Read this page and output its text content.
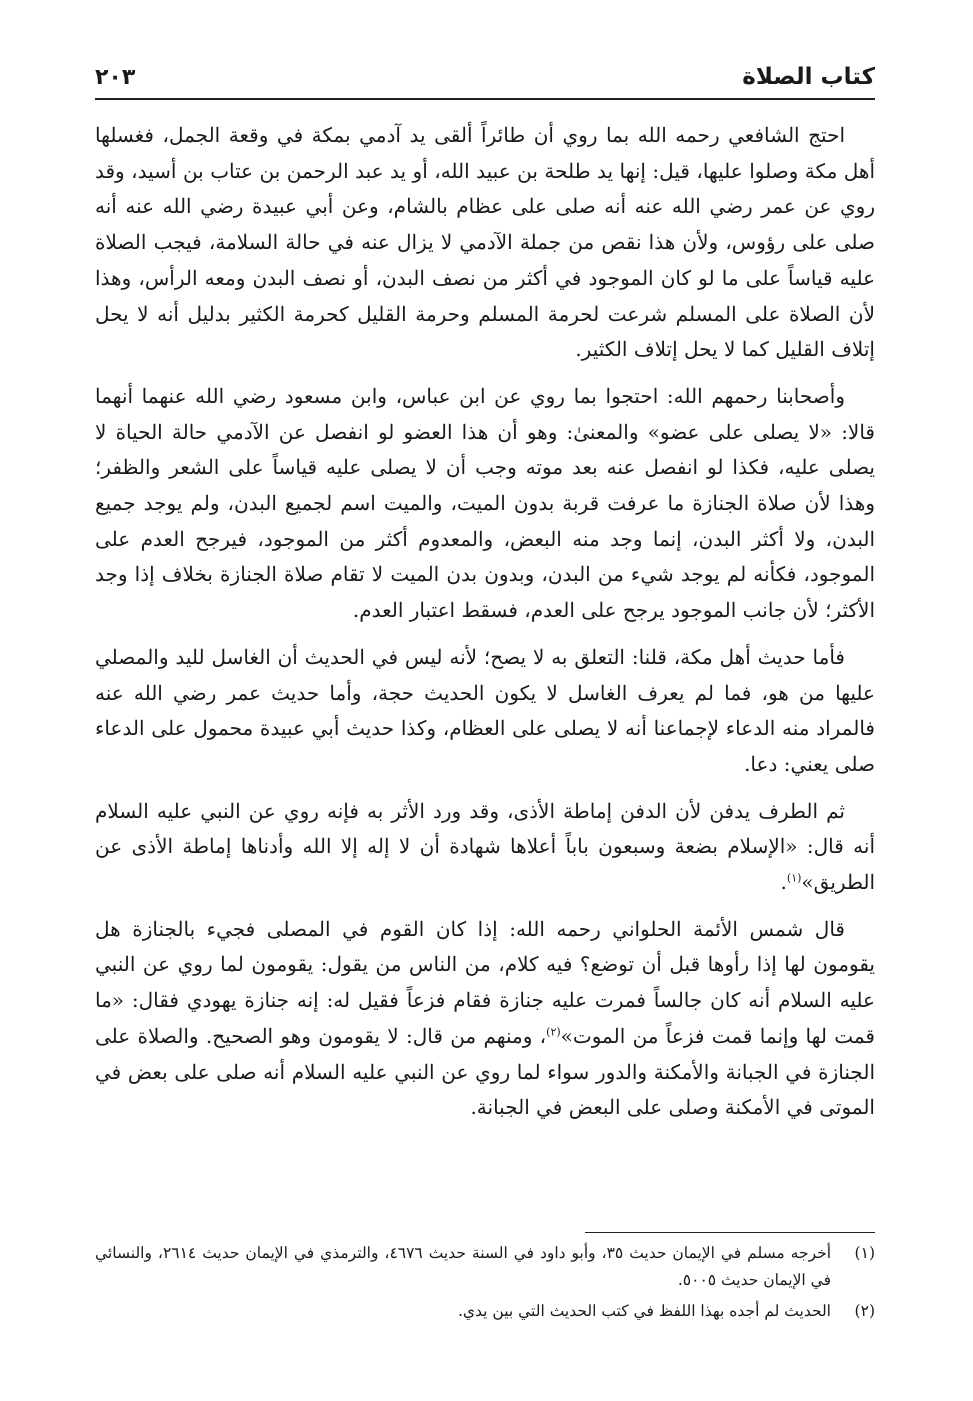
كتاب الصلاة
٢٠٣

احتج الشافعي رحمه الله بما روي أن طائراً ألقى يد آدمي بمكة في وقعة الجمل، فغسلها أهل مكة وصلوا عليها، قيل: إنها يد طلحة بن عبيد الله، أو يد عبد الرحمن بن عتاب بن أسيد، وقد روي عن عمر رضي الله عنه أنه صلى على عظام بالشام، وعن أبي عبيدة رضي الله عنه أنه صلى على رؤوس، ولأن هذا نقص من جملة الآدمي لا يزال عنه في حالة السلامة، فيجب الصلاة عليه قياساً على ما لو كان الموجود في أكثر من نصف البدن، أو نصف البدن ومعه الرأس، وهذا لأن الصلاة على المسلم شرعت لحرمة المسلم وحرمة القليل كحرمة الكثير بدليل أنه لا يحل إتلاف القليل كما لا يحل إتلاف الكثير.

وأصحابنا رحمهم الله: احتجوا بما روي عن ابن عباس، وابن مسعود رضي الله عنهما أنهما قالا: «لا يصلى على عضو» والمعنىٰ: وهو أن هذا العضو لو انفصل عن الآدمي حالة الحياة لا يصلى عليه، فكذا لو انفصل عنه بعد موته وجب أن لا يصلى عليه قياساً على الشعر والظفر؛ وهذا لأن صلاة الجنازة ما عرفت قربة بدون الميت، والميت اسم لجميع البدن، ولم يوجد جميع البدن، ولا أكثر البدن، إنما وجد منه البعض، والمعدوم أكثر من الموجود، فيرجح العدم على الموجود، فكأنه لم يوجد شيء من البدن، وبدون بدن الميت لا تقام صلاة الجنازة بخلاف إذا وجد الأكثر؛ لأن جانب الموجود يرجح على العدم، فسقط اعتبار العدم.

فأما حديث أهل مكة، قلنا: التعلق به لا يصح؛ لأنه ليس في الحديث أن الغاسل لليد والمصلي عليها من هو، فما لم يعرف الغاسل لا يكون الحديث حجة، وأما حديث عمر رضي الله عنه فالمراد منه الدعاء لإجماعنا أنه لا يصلى على العظام، وكذا حديث أبي عبيدة محمول على الدعاء صلى يعني: دعا.

ثم الطرف يدفن لأن الدفن إماطة الأذى، وقد ورد الأثر به فإنه روي عن النبي عليه السلام أنه قال: «الإسلام بضعة وسبعون باباً أعلاها شهادة أن لا إله إلا الله وأدناها إماطة الأذى عن الطريق»$^{(١)}$.

قال شمس الأئمة الحلواني رحمه الله: إذا كان القوم في المصلى فجيء بالجنازة هل يقومون لها إذا رأوها قبل أن توضع؟ فيه كلام، من الناس من يقول: يقومون لما روي عن النبي عليه السلام أنه كان جالساً فمرت عليه جنازة فقام فزعاً فقيل له: إنه جنازة يهودي فقال: «ما قمت لها وإنما قمت فزعاً من الموت»$^{(٢)}$، ومنهم من قال: لا يقومون وهو الصحيح. والصلاة على الجنازة في الجبانة والأمكنة والدور سواء لما روي عن النبي عليه السلام أنه صلى على بعض في الموتى في الأمكنة وصلى على البعض في الجبانة.

(١)
أخرجه مسلم في الإيمان حديث ٣٥، وأبو داود في السنة حديث ٤٦٧٦، والترمذي في الإيمان حديث ٢٦١٤، والنسائي في الإيمان حديث ٥٠٠٥.
(٢)
الحديث لم أجده بهذا اللفظ في كتب الحديث التي بين يدي.
